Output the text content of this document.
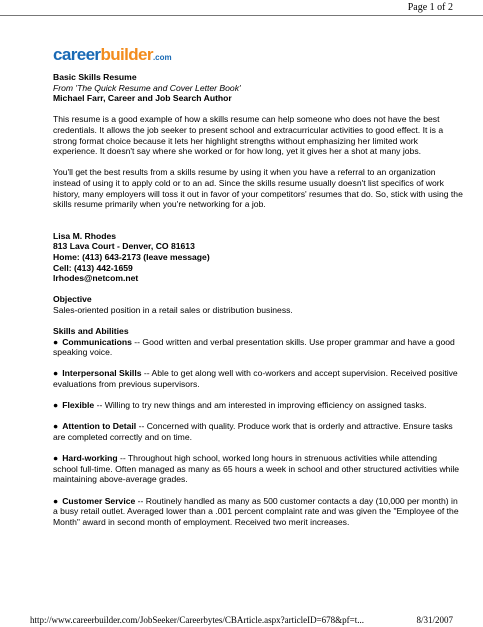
Page 1 of 2
careerbuilder.com

Basic Skills Resume

From 'The Quick Resume and Cover Letter Book'

Michael Farr, Career and Job Search Author

This resume is a good example of how a skills resume can help someone who does not have the best credentials. It allows the job seeker to present school and extracurricular activities to good effect. It is a strong format choice because it lets her highlight strengths without emphasizing her limited work experience. It doesn't say where she worked or for how long, yet it gives her a shot at many jobs.

You'll get the best results from a skills resume by using it when you have a referral to an organization instead of using it to apply cold or to an ad. Since the skills resume usually doesn't list specifics of work history, many employers will toss it out in favor of your competitors' resumes that do. So, stick with using the skills resume primarily when you're networking for a job.

Lisa M. Rhodes

813 Lava Court - Denver, CO 81613

Home: (413) 643-2173 (leave message)

Cell: (413) 442-1659

lrhodes@netcom.net

Objective

Sales-oriented position in a retail sales or distribution business.

Skills and Abilities

● Communications -- Good written and verbal presentation skills. Use proper grammar and have a good speaking voice.

● Interpersonal Skills -- Able to get along well with co-workers and accept supervision. Received positive evaluations from previous supervisors.

● Flexible -- Willing to try new things and am interested in improving efficiency on assigned tasks.

● Attention to Detail -- Concerned with quality. Produce work that is orderly and attractive. Ensure tasks are completed correctly and on time.

● Hard-working -- Throughout high school, worked long hours in strenuous activities while attending school full-time. Often managed as many as 65 hours a week in school and other structured activities while maintaining above-average grades.

● Customer Service -- Routinely handled as many as 500 customer contacts a day (10,000 per month) in a busy retail outlet. Averaged lower than a .001 percent complaint rate and was given the "Employee of the Month" award in second month of employment. Received two merit increases.

http://www.careerbuilder.com/JobSeeker/Careerbytes/CBArticle.aspx?articleID=678&pf=t...	8/31/2007
